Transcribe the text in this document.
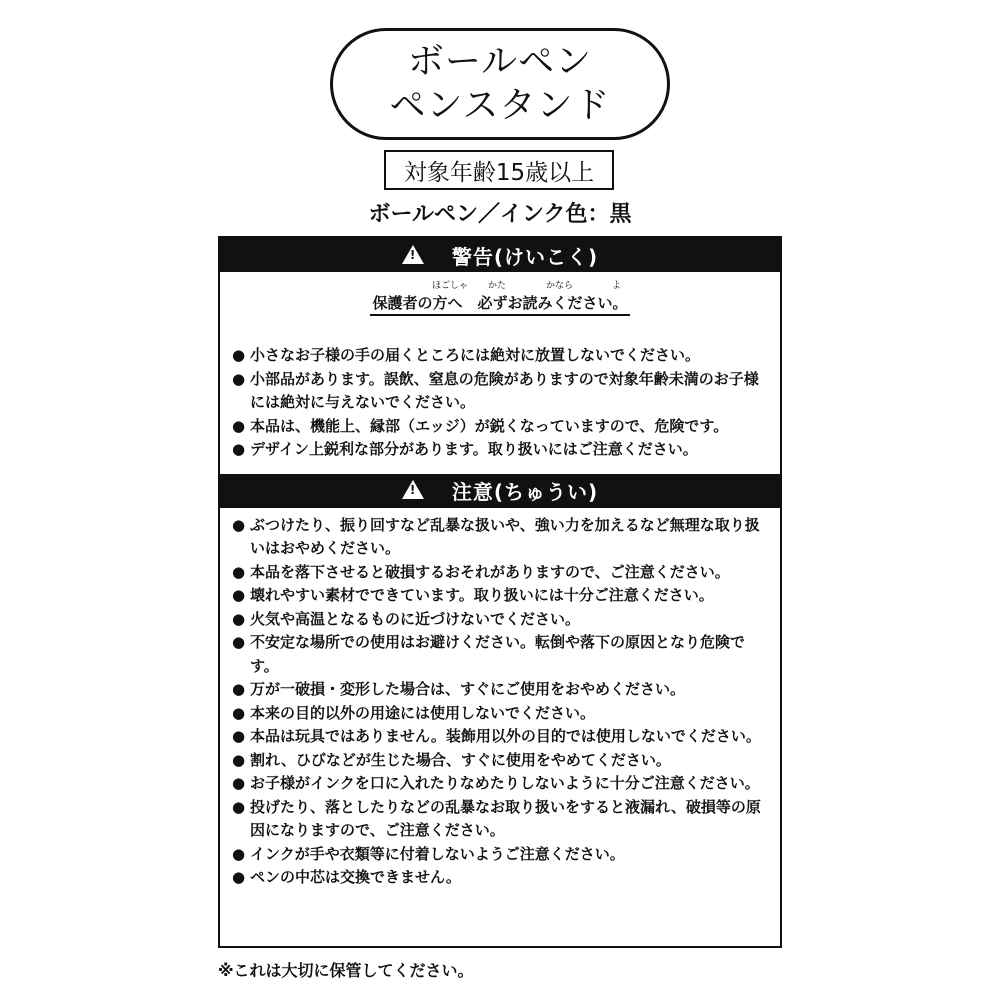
ボールペン
ペンスタンド
対象年齢15歳以上
ボールペン／インク色：黒
!
警告(けいこく)
ほごしゃ かた	かなら	よ
保護者の方へ　必ずお読みください。
● 小さなお子様の手の届くところには絶対に放置しないでください。
● 小部品があります。誤飲、窒息の危険がありますので対象年齢未満のお子様には絶対に与えないでください。
● 本品は、機能上、縁部（エッジ）が鋭くなっていますので、危険です。
● デザイン上鋭利な部分があります。取り扱いにはご注意ください。
!
注意(ちゅうい)
● ぶつけたり、振り回すなど乱暴な扱いや、強い力を加えるなど無理な取り扱いはおやめください。
● 本品を落下させると破損するおそれがありますので、ご注意ください。
● 壊れやすい素材でできています。取り扱いには十分ご注意ください。
● 火気や高温となるものに近づけないでください。
● 不安定な場所での使用はお避けください。転倒や落下の原因となり危険です。
● 万が一破損・変形した場合は、すぐにご使用をおやめください。
● 本来の目的以外の用途には使用しないでください。
● 本品は玩具ではありません。装飾用以外の目的では使用しないでください。
● 割れ、ひびなどが生じた場合、すぐに使用をやめてください。
● お子様がインクを口に入れたりなめたりしないように十分ご注意ください。
● 投げたり、落としたりなどの乱暴なお取り扱いをすると液漏れ、破損等の原因になりますので、ご注意ください。
● インクが手や衣類等に付着しないようご注意ください。
● ペンの中芯は交換できません。
※これは大切に保管してください。
